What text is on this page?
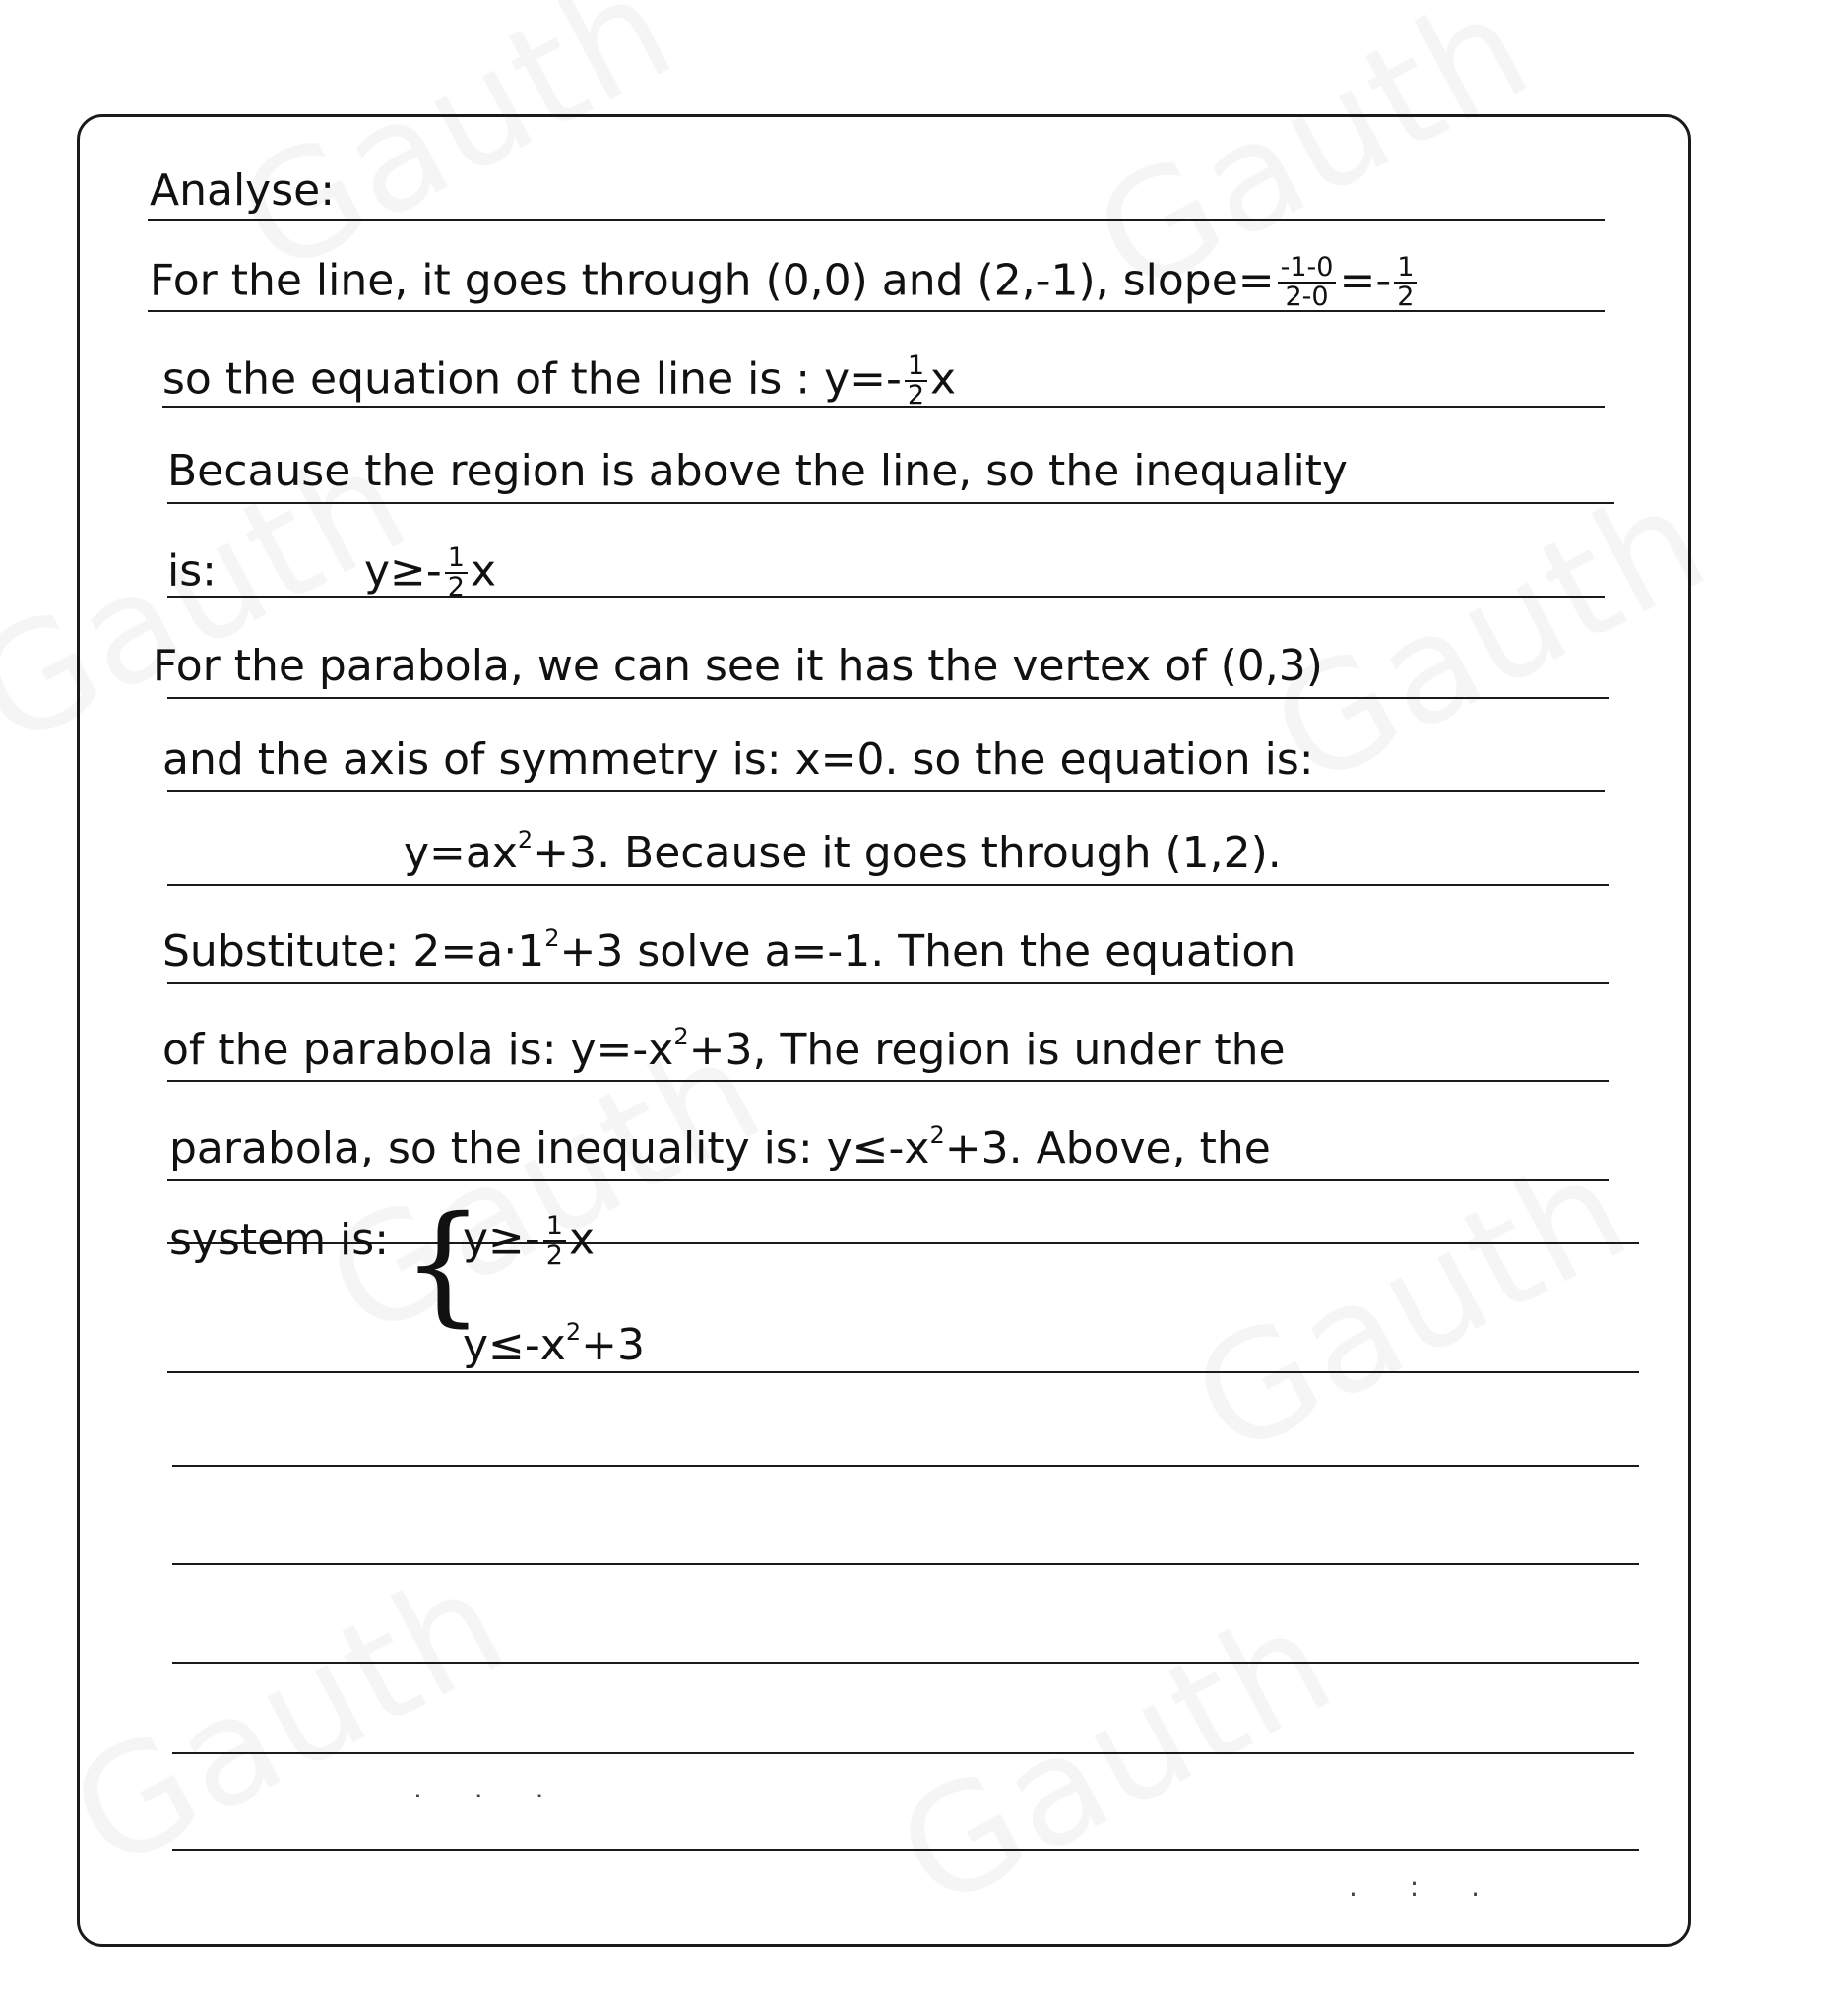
Analyse:
For the line, it goes through (0,0) and (2,-1), slope= $\frac{-1-0}{2-0} =- \frac{1}{2}$
so the equation of the line is : $y=- \frac{1}{2}$ x
Because the region is above the line, so the inequality
is:	$y\ge- \frac{1}{2}$ x
For the parabola, we can see it has the vertex of (0,3)
and the axis of symmetry is: x=0. so the equation is:
$y=ax^2+3$. Because it goes through (1,2).
Substitute: $2=a\cdot 1^2+3$ solve a=-1. Then the equation
of the parabola is: $y=-x^2+3$, The region is under the
parabola, so the inequality is: $y\le-x^2+3$. Above, the
system is: {
$y\ge- \frac{1}{2}$ x
$y\le-x^2+3$
. . .
. : .
